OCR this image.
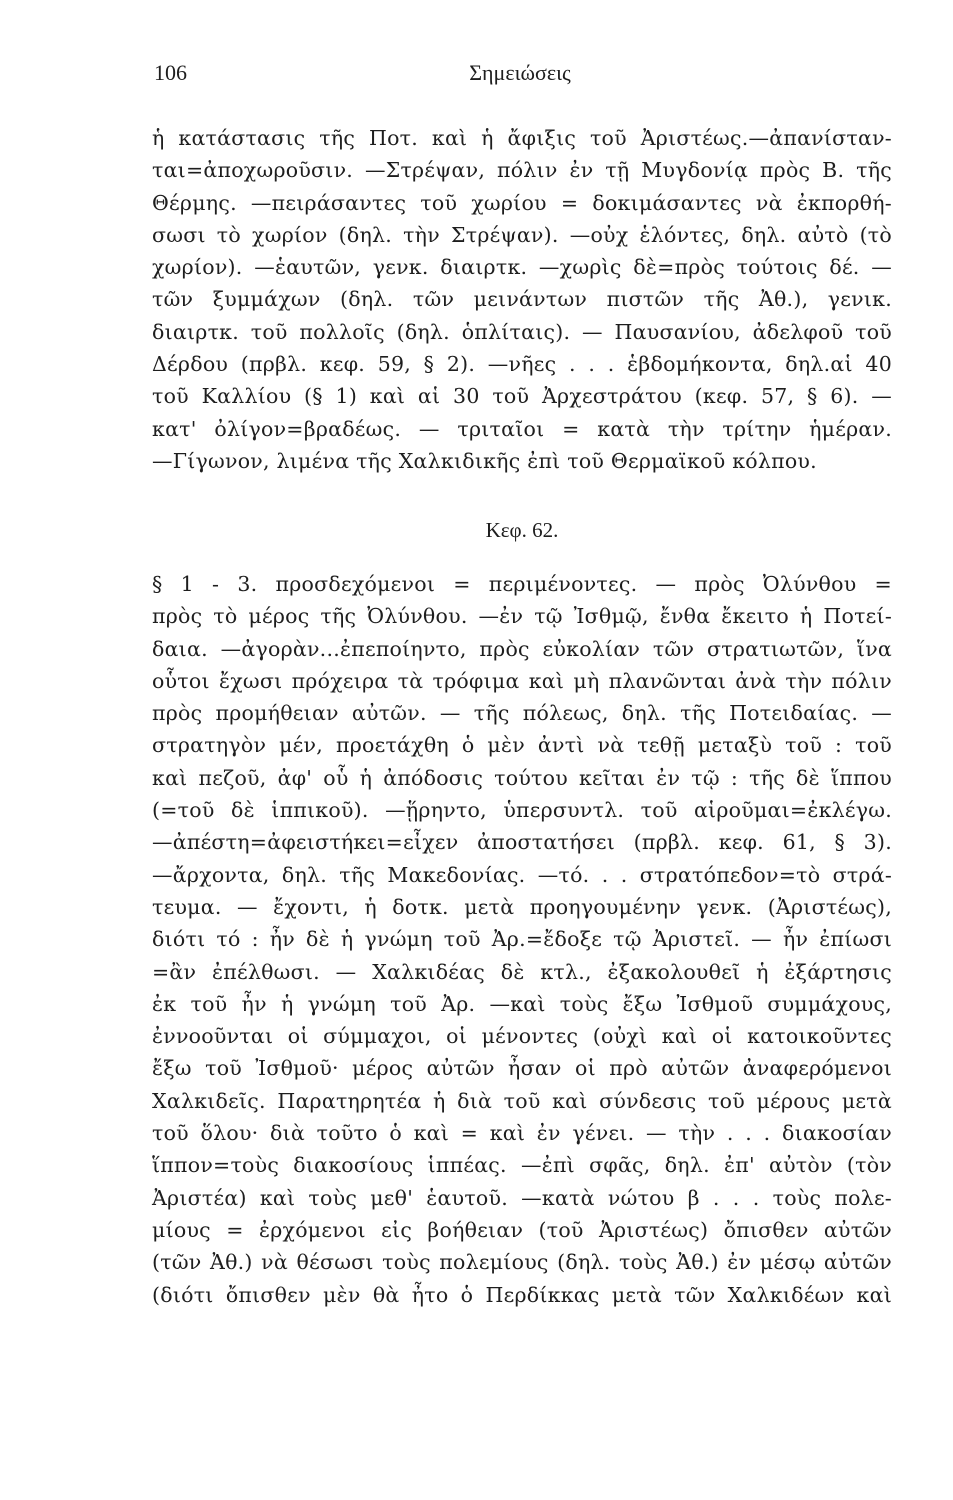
106	Σημειώσεις
ἡ κατάστασις τῆς Ποτ. καὶ ἡ ἄφιξις τοῦ Ἀριστέως.—ἀπανίσταν-
ται=ἀποχωροῦσιν. —Στρέψαν, πόλιν ἐν τῇ Μυγδονίᾳ πρὸς Β. τῆς
Θέρμης. —πειράσαντες τοῦ χωρίου = δοκιμάσαντες νὰ ἐκπορθή-
σωσι τὸ χωρίον (δηλ. τὴν Στρέψαν). —οὐχ ἑλόντες, δηλ. αὐτὸ (τὸ
χωρίον). —ἑαυτῶν, γενκ. διαιρτκ. —χωρὶς δὲ=πρὸς τούτοις δέ. —
τῶν ξυμμάχων (δηλ. τῶν μεινάντων πιστῶν τῆς Ἀθ.), γενικ.
διαιρτκ. τοῦ πολλοῖς (δηλ. ὁπλίταις). — Παυσανίου, ἀδελφοῦ τοῦ
Δέρδου (πρβλ. κεφ. 59, § 2). —νῆες . . . ἑβδομήκοντα, δηλ.αἱ 40
τοῦ Καλλίου (§ 1) καὶ αἱ 30 τοῦ Ἀρχεστράτου (κεφ. 57, § 6). —
κατ' ὀλίγον=βραδέως. — τριταῖοι = κατὰ τὴν τρίτην ἡμέραν.
—Γίγωνον, λιμένα τῆς Χαλκιδικῆς ἐπὶ τοῦ Θερμαϊκοῦ κόλπου.
Κεφ. 62.
§ 1 - 3. προσδεχόμενοι = περιμένοντες. — πρὸς Ὀλύνθου =
πρὸς τὸ μέρος τῆς Ὀλύνθου. —ἐν τῷ Ἰσθμῷ, ἔνθα ἔκειτο ἡ Ποτεί-
δαια. —ἀγορὰν...ἐπεποίηντο, πρὸς εὐκολίαν τῶν στρατιωτῶν, ἵνα
οὗτοι ἔχωσι πρόχειρα τὰ τρόφιμα καὶ μὴ πλανῶνται ἀνὰ τὴν πόλιν
πρὸς προμήθειαν αὐτῶν. — τῆς πόλεως, δηλ. τῆς Ποτειδαίας. —
στρατηγὸν μέν, προετάχθη ὁ μὲν ἀντὶ νὰ τεθῇ μεταξὺ τοῦ : τοῦ
καὶ πεζοῦ, ἀφ' οὗ ἡ ἀπόδοσις τούτου κεῖται ἐν τῷ : τῆς δὲ ἵππου
(=τοῦ δὲ ἱππικοῦ). —ᾕρηντο, ὑπερσυντλ. τοῦ αἱροῦμαι=ἐκλέγω.
—ἀπέστη=ἀφειστήκει=εἶχεν ἀποστατήσει (πρβλ. κεφ. 61, § 3).
—ἄρχοντα, δηλ. τῆς Μακεδονίας. —τό. . . στρατόπεδον=τὸ στρά-
τευμα. — ἔχοντι, ἡ δοτκ. μετὰ προηγουμένην γενκ. (Ἀριστέως),
διότι τό : ἦν δὲ ἡ γνώμη τοῦ Ἀρ.=ἔδοξε τῷ Ἀριστεῖ. — ἦν ἐπίωσι
=ἂν ἐπέλθωσι. — Χαλκιδέας δὲ κτλ., ἐξακολουθεῖ ἡ ἐξάρτησις
ἐκ τοῦ ἦν ἡ γνώμη τοῦ Ἀρ. —καὶ τοὺς ἔξω Ἰσθμοῦ συμμάχους,
ἐννοοῦνται οἱ σύμμαχοι, οἱ μένοντες (οὐχὶ καὶ οἱ κατοικοῦντες
ἔξω τοῦ Ἰσθμοῦ· μέρος αὐτῶν ἦσαν οἱ πρὸ αὐτῶν ἀναφερόμενοι
Χαλκιδεῖς. Παρατηρητέα ἡ διὰ τοῦ καὶ σύνδεσις τοῦ μέρους μετὰ
τοῦ ὅλου· διὰ τοῦτο ὁ καὶ = καὶ ἐν γένει. — τὴν . . . διακοσίαν
ἵππον=τοὺς διακοσίους ἱππέας. —ἐπὶ σφᾶς, δηλ. ἐπ' αὐτὸν (τὸν
Ἀριστέα) καὶ τοὺς μεθ' ἑαυτοῦ. —κατὰ νώτου β . . . τοὺς πολε-
μίους = ἐρχόμενοι εἰς βοήθειαν (τοῦ Ἀριστέως) ὄπισθεν αὐτῶν
(τῶν Ἀθ.) νὰ θέσωσι τοὺς πολεμίους (δηλ. τοὺς Ἀθ.) ἐν μέσῳ αὐτῶν
(διότι ὄπισθεν μὲν θὰ ἦτο ὁ Περδίκκας μετὰ τῶν Χαλκιδέων καὶ
